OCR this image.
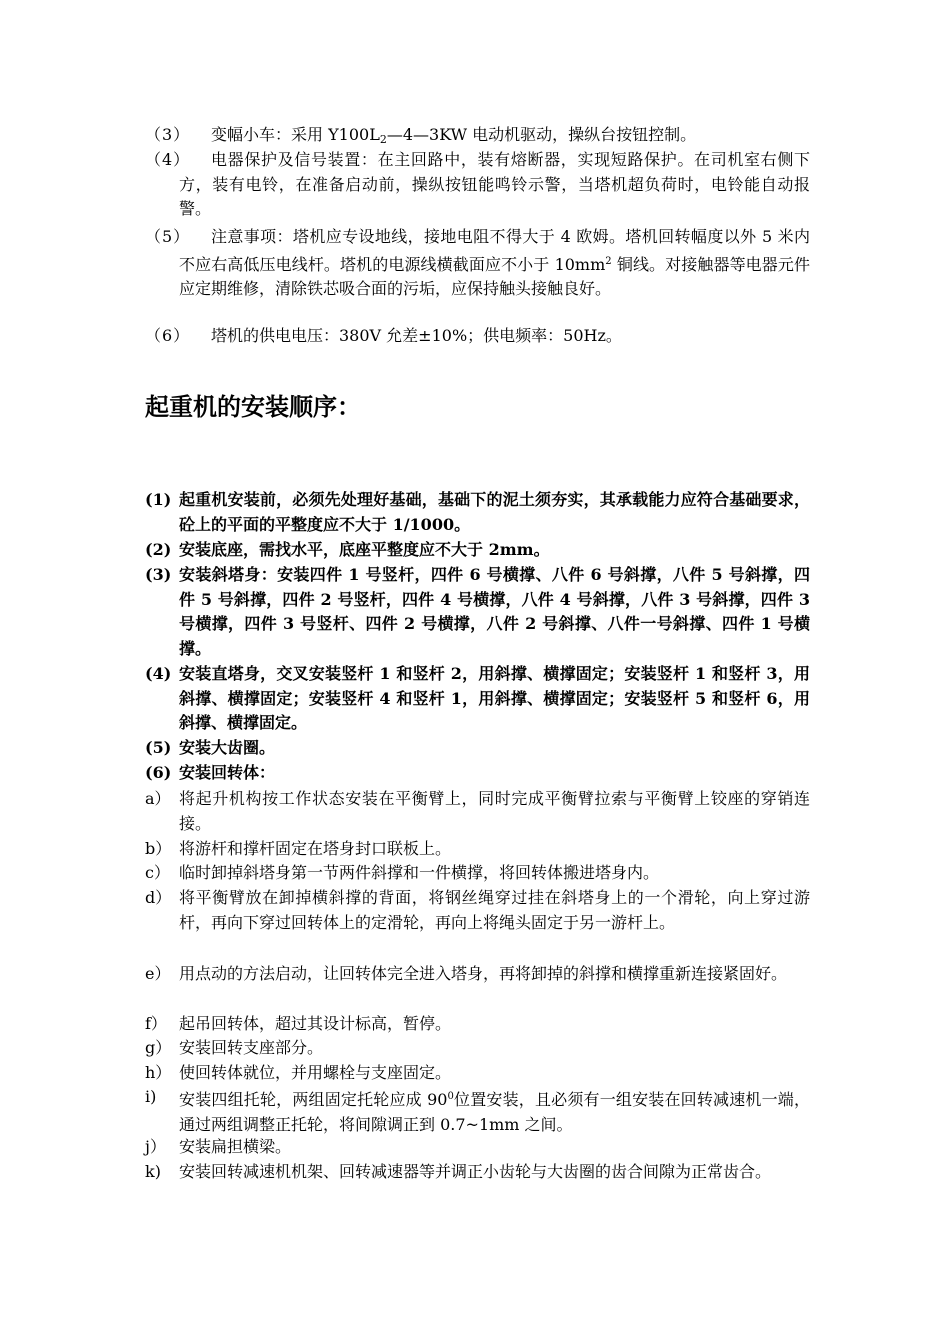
（3）	变幅小车：采用 $Y100L_2—4—3KW$ 电动机驱动，操纵台按钮控制。
（4）	电器保护及信号装置：在主回路中，装有熔断器，实现短路保护。在司机室右侧下方，装有电铃，在准备启动前，操纵按钮能鸣铃示警，当塔机超负荷时，电铃能自动报警。
（5）	注意事项：塔机应专设地线，接地电阻不得大于 4 欧姆。塔机回转幅度以外 5 米内不应右高低压电线杆。塔机的电源线横截面应不小于 $10mm^2$ 铜线。对接触器等电器元件应定期维修，清除铁芯吸合面的污垢，应保持触头接触良好。
（6）	塔机的供电电压：380V 允差±10%；供电频率：50Hz。
起重机的安装顺序：
(1) 起重机安装前，必须先处理好基础，基础下的泥土须夯实，其承载能力应符合基础要求，砼上的平面的平整度应不大于 1/1000。
(2) 安装底座，需找水平，底座平整度应不大于 2mm。
(3) 安装斜塔身：安装四件 1 号竖杆，四件 6 号横撑、八件 6 号斜撑，八件 5 号斜撑，四件 5 号斜撑，四件 2 号竖杆，四件 4 号横撑，八件 4 号斜撑，八件 3 号斜撑，四件 3 号横撑，四件 3 号竖杆、四件 2 号横撑，八件 2 号斜撑、八件一号斜撑、四件 1 号横撑。
(4) 安装直塔身，交叉安装竖杆 1 和竖杆 2，用斜撑、横撑固定；安装竖杆 1 和竖杆 3，用斜撑、横撑固定；安装竖杆 4 和竖杆 1，用斜撑、横撑固定；安装竖杆 5 和竖杆 6，用斜撑、横撑固定。
(5) 安装大齿圈。
(6) 安装回转体：
a） 将起升机构按工作状态安装在平衡臂上，同时完成平衡臂拉索与平衡臂上铰座的穿销连接。
b） 将游杆和撑杆固定在塔身封口联板上。
c） 临时卸掉斜塔身第一节两件斜撑和一件横撑，将回转体搬进塔身内。
d） 将平衡臂放在卸掉横斜撑的背面，将钢丝绳穿过挂在斜塔身上的一个滑轮，向上穿过游杆，再向下穿过回转体上的定滑轮，再向上将绳头固定于另一游杆上。
e） 用点动的方法启动，让回转体完全进入塔身，再将卸掉的斜撑和横撑重新连接紧固好。
f） 起吊回转体，超过其设计标高，暂停。
g） 安装回转支座部分。
h） 使回转体就位，并用螺栓与支座固定。
i)	安装四组托轮，两组固定托轮应成 $90^0$位置安装，且必须有一组安装在回转减速机一端，通过两组调整正托轮，将间隙调正到 0.7~1mm 之间。
j） 安装扁担横梁。
k)	安装回转减速机机架、回转减速器等并调正小齿轮与大齿圈的齿合间隙为正常齿合。
